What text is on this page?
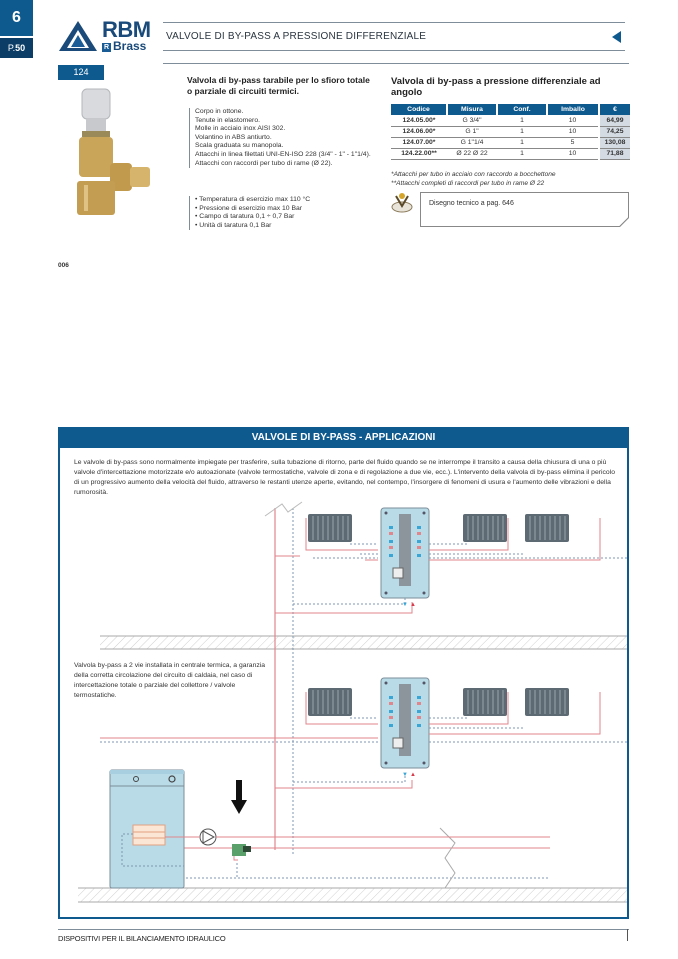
6
P.50
RBM
R Brass
VALVOLE DI BY-PASS A PRESSIONE DIFFERENZIALE
124
Valvola di by-pass tarabile per lo sfioro totale o parziale di circuiti termici.
Corpo in ottone.
Tenute in elastomero.
Molle in acciaio inox AISI 302.
Volantino in ABS antiurto.
Scala graduata su manopola.
Attacchi in linea filettati UNI-EN-ISO 228 (3/4" - 1" - 1"1/4).
Attacchi con raccordi per tubo di rame (Ø 22).
• Temperatura di esercizio max 110 °C
• Pressione di esercizio max 10 Bar
• Campo di taratura 0,1 ÷ 0,7 Bar
• Unità di taratura 0,1 Bar
Valvola di by-pass a pressione differenziale ad angolo
Codice	Misura	Conf.	Imballo	€
124.05.00*	G 3/4"	1	10	64,99
124.06.00*	G 1"	1	10	74,25
124.07.00*	G 1"1/4	1	5	130,08
124.22.00**	Ø 22 Ø 22	1	10	71,88
*Attacchi per tubo in acciaio con raccordo a bocchettone
**Attacchi completi di raccordi per tubo in rame Ø 22
Disegno tecnico a pag. 646
006
VALVOLE DI BY-PASS - APPLICAZIONI
Le valvole di by-pass sono normalmente impiegate per trasferire, sulla tubazione di ritorno, parte del fluido quando se ne interrompe il transito a causa della chiusura di una o più valvole d'intercettazione motorizzate e/o autoazionate (valvole termostatiche, valvole di zona e di regolazione a due vie, ecc.). L'intervento della valvola di by-pass elimina il pericolo di un progressivo aumento della velocità del fluido, attraverso le restanti utenze aperte, evitando, nel contempo, l'insorgere di fenomeni di usura e l'aumento delle vibrazioni e della rumorosità.
▼ ▲
▼ ▲
Valvola by-pass a 2 vie installata in centrale termica, a garanzia della corretta circolazione del circuito di caldaia, nel caso di intercettazione totale o parziale del collettore / valvole termostatiche.
DISPOSITIVI PER IL BILANCIAMENTO IDRAULICO
